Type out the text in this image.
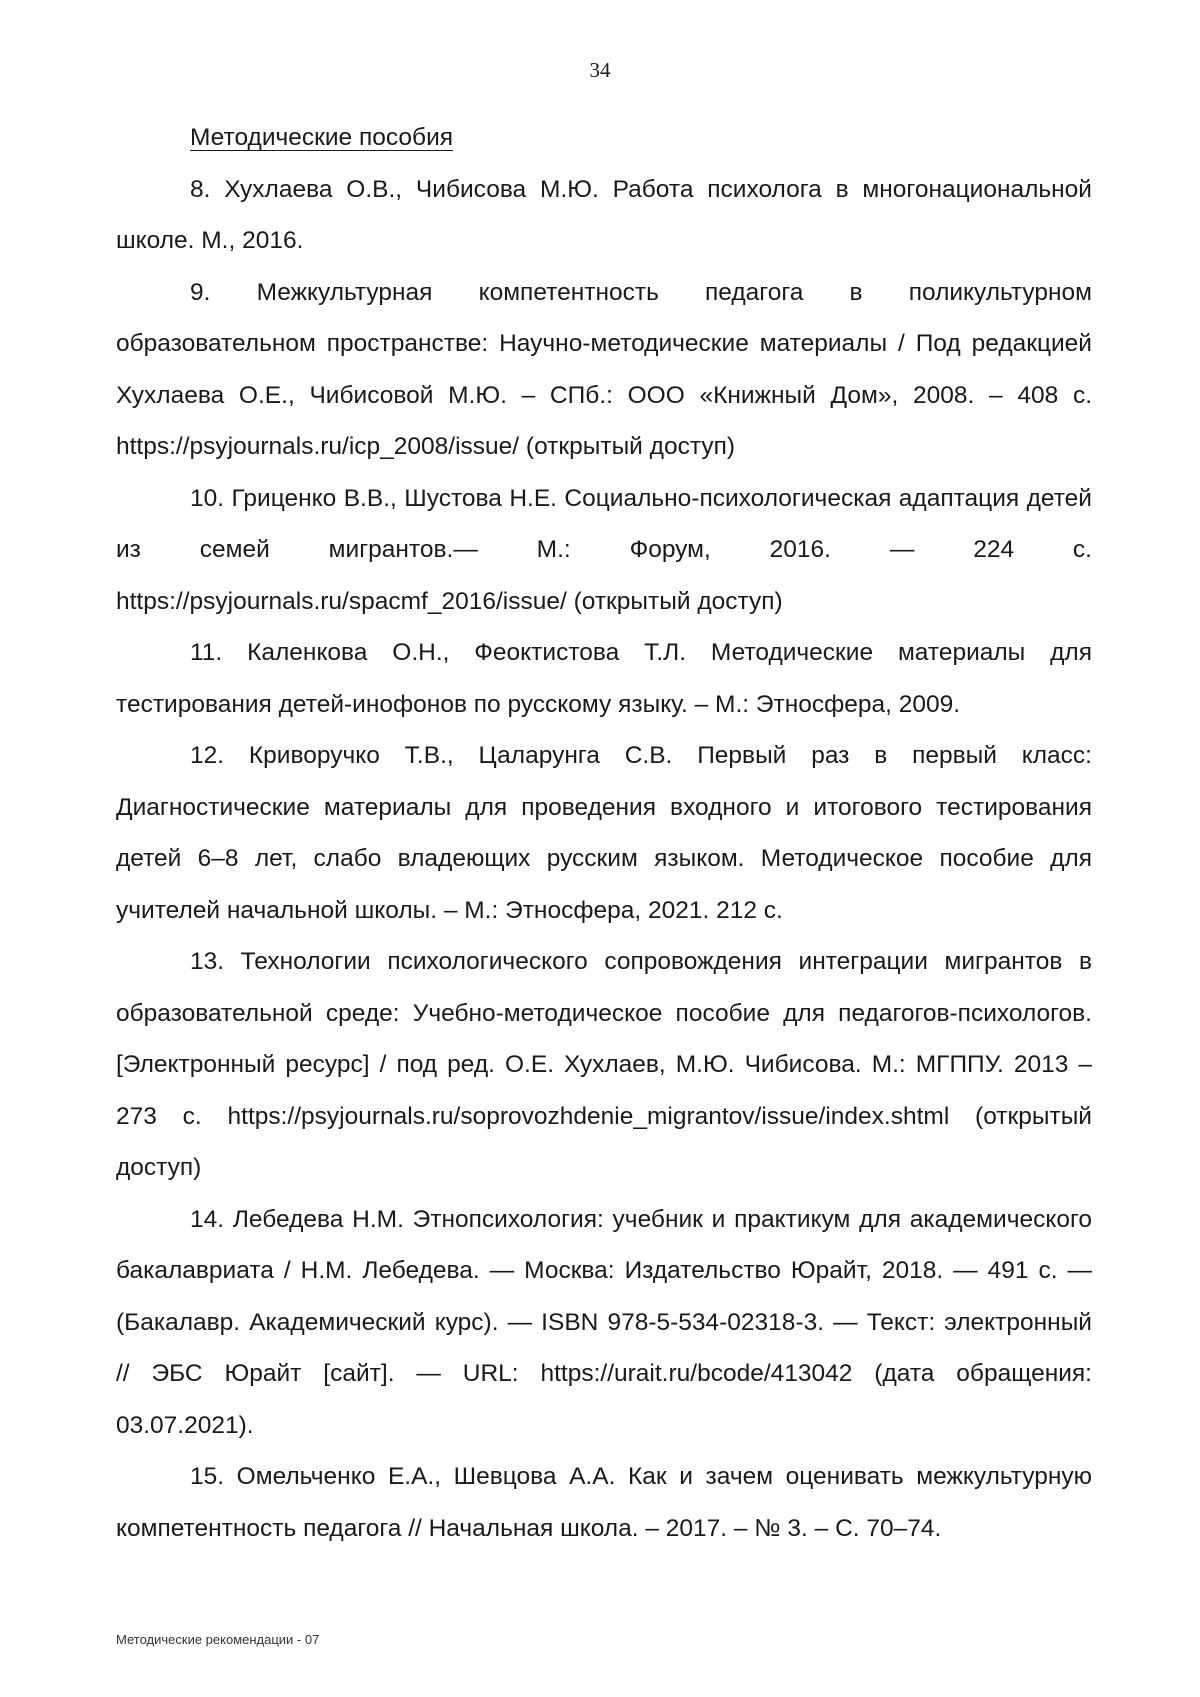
34
Методические пособия

8. Хухлаева О.В., Чибисова М.Ю. Работа психолога в многонациональной школе. М., 2016.

9. Межкультурная компетентность педагога в поликультурном образовательном пространстве: Научно-методические материалы / Под редакцией Хухлаева О.Е., Чибисовой М.Ю. – СПб.: ООО «Книжный Дом», 2008. – 408 с. https://psyjournals.ru/icp_2008/issue/ (открытый доступ)

10. Гриценко В.В., Шустова Н.Е. Социально-психологическая адаптация детей из семей мигрантов.— М.: Форум, 2016. — 224 с. https://psyjournals.ru/spacmf_2016/issue/ (открытый доступ)

11. Каленкова О.Н., Феоктистова Т.Л. Методические материалы для тестирования детей-инофонов по русскому языку. – М.: Этносфера, 2009.

12. Криворучко Т.В., Цаларунга С.В. Первый раз в первый класс: Диагностические материалы для проведения входного и итогового тестирования детей 6–8 лет, слабо владеющих русским языком. Методическое пособие для учителей начальной школы. – М.: Этносфера, 2021. 212 с.

13. Технологии психологического сопровождения интеграции мигрантов в образовательной среде: Учебно-методическое пособие для педагогов-психологов. [Электронный ресурс] / под ред. О.Е. Хухлаев, М.Ю. Чибисова. М.: МГППУ. 2013 – 273 с. https://psyjournals.ru/soprovozhdenie_migrantov/issue/index.shtml (открытый доступ)

14. Лебедева Н.М. Этнопсихология: учебник и практикум для академического бакалавриата / Н.М. Лебедева. — Москва: Издательство Юрайт, 2018. — 491 с. — (Бакалавр. Академический курс). — ISBN 978-5-534-02318-3. — Текст: электронный // ЭБС Юрайт [сайт]. — URL: https://urait.ru/bcode/413042 (дата обращения: 03.07.2021).

15. Омельченко Е.А., Шевцова А.А. Как и зачем оценивать межкультурную компетентность педагога // Начальная школа. – 2017. – № 3. – С. 70–74.

Методические рекомендации - 07
